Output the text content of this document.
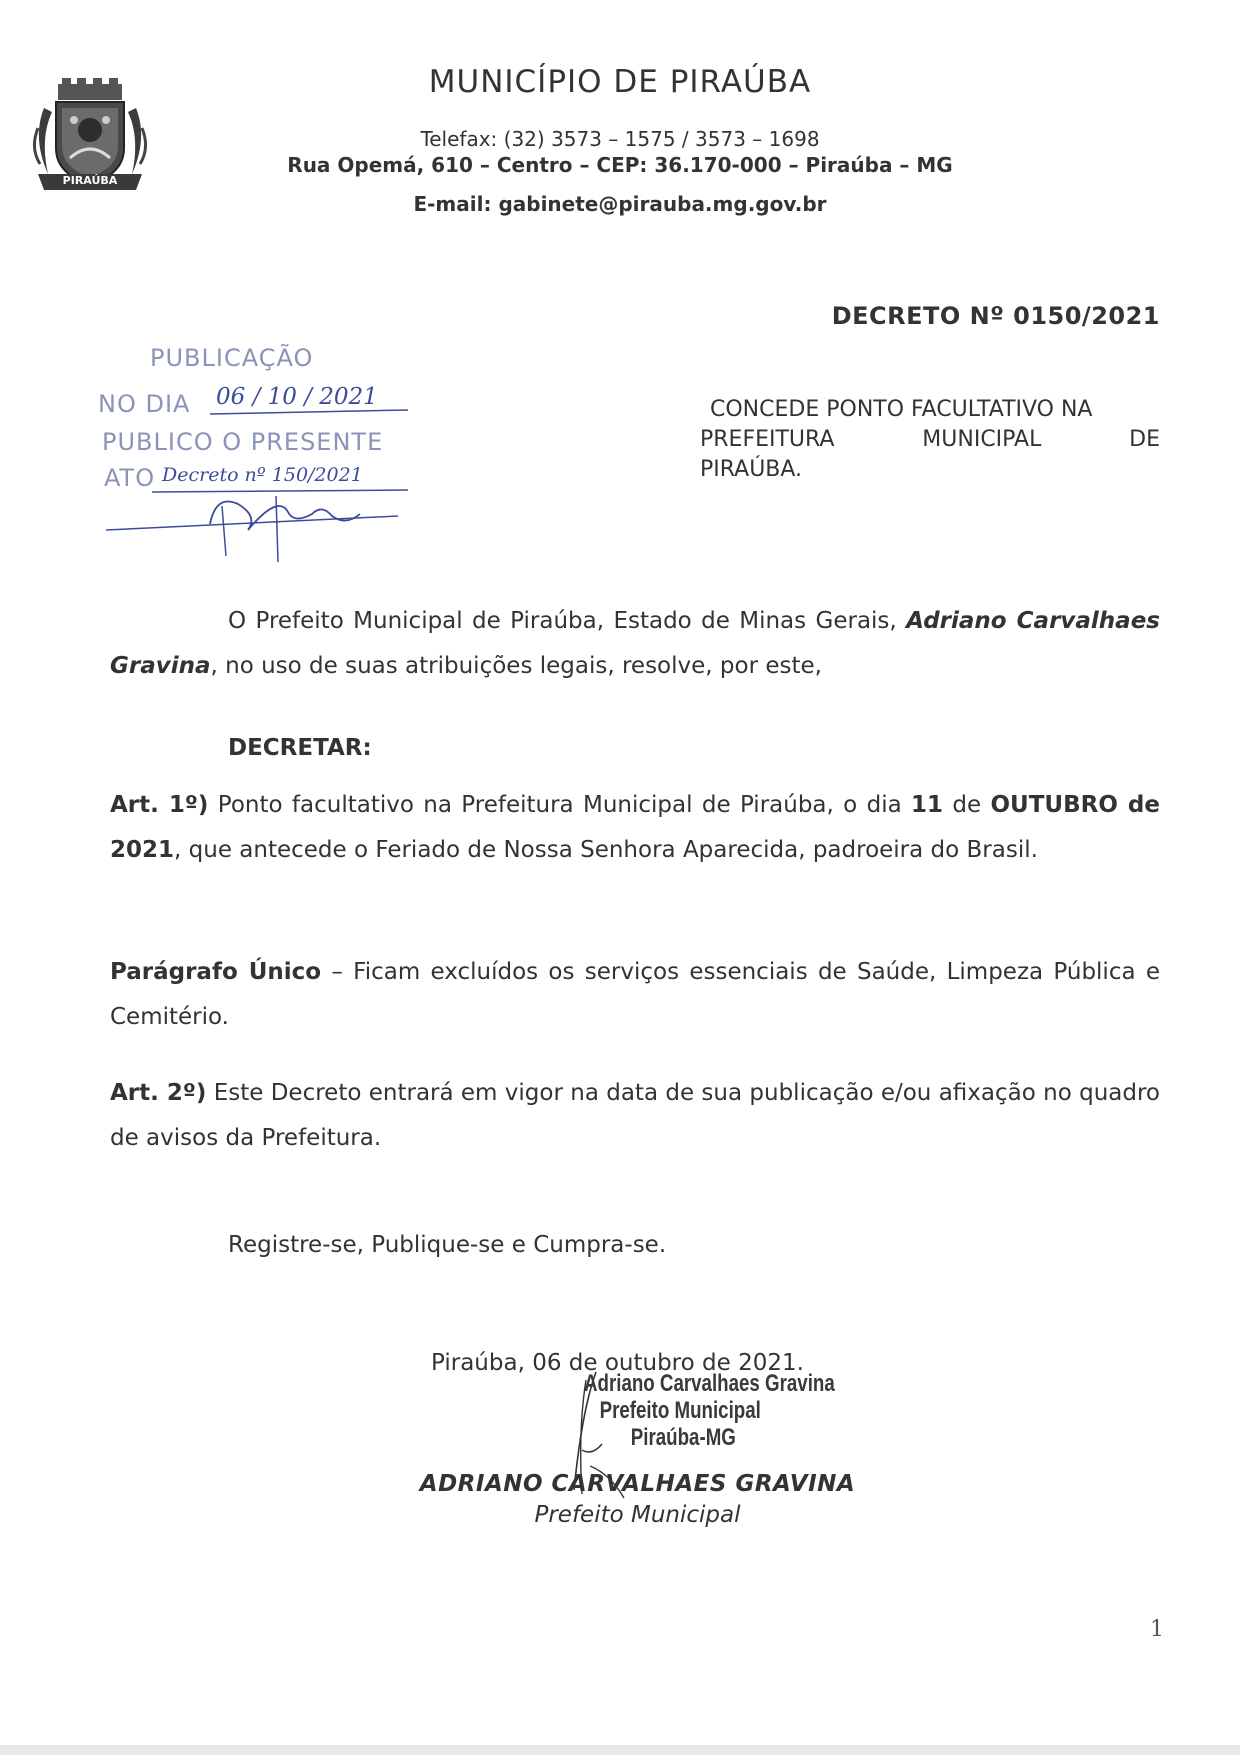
PIRAÚBA
MUNICÍPIO DE PIRAÚBA
Telefax: (32) 3573 – 1575 / 3573 – 1698
Rua Opemá, 610 – Centro – CEP: 36.170-000 – Piraúba – MG
E-mail: gabinete@pirauba.mg.gov.br
DECRETO Nº 0150/2021
PUBLICAÇÃO
NO DIA 06 / 10 / 2021
PUBLICO O PRESENTE
ATO Decreto nº 150/2021

CONCEDE PONTO FACULTATIVO NA

PREFEITURA MUNICIPAL DE

PIRAÚBA.

O Prefeito Municipal de Piraúba, Estado de Minas Gerais, Adriano Carvalhaes Gravina, no uso de suas atribuições legais, resolve, por este,

DECRETAR:

Art. 1º) Ponto facultativo na Prefeitura Municipal de Piraúba, o dia 11 de OUTUBRO de 2021, que antecede o Feriado de Nossa Senhora Aparecida, padroeira do Brasil.

Parágrafo Único – Ficam excluídos os serviços essenciais de Saúde, Limpeza Pública e Cemitério.

Art. 2º) Este Decreto entrará em vigor na data de sua publicação e/ou afixação no quadro de avisos da Prefeitura.

Registre-se, Publique-se e Cumpra-se.

Piraúba, 06 de outubro de 2021.
Adriano Carvalhaes Gravina
Prefeito Municipal
Piraúba-MG
ADRIANO CARVALHAES GRAVINA
Prefeito Municipal
1
